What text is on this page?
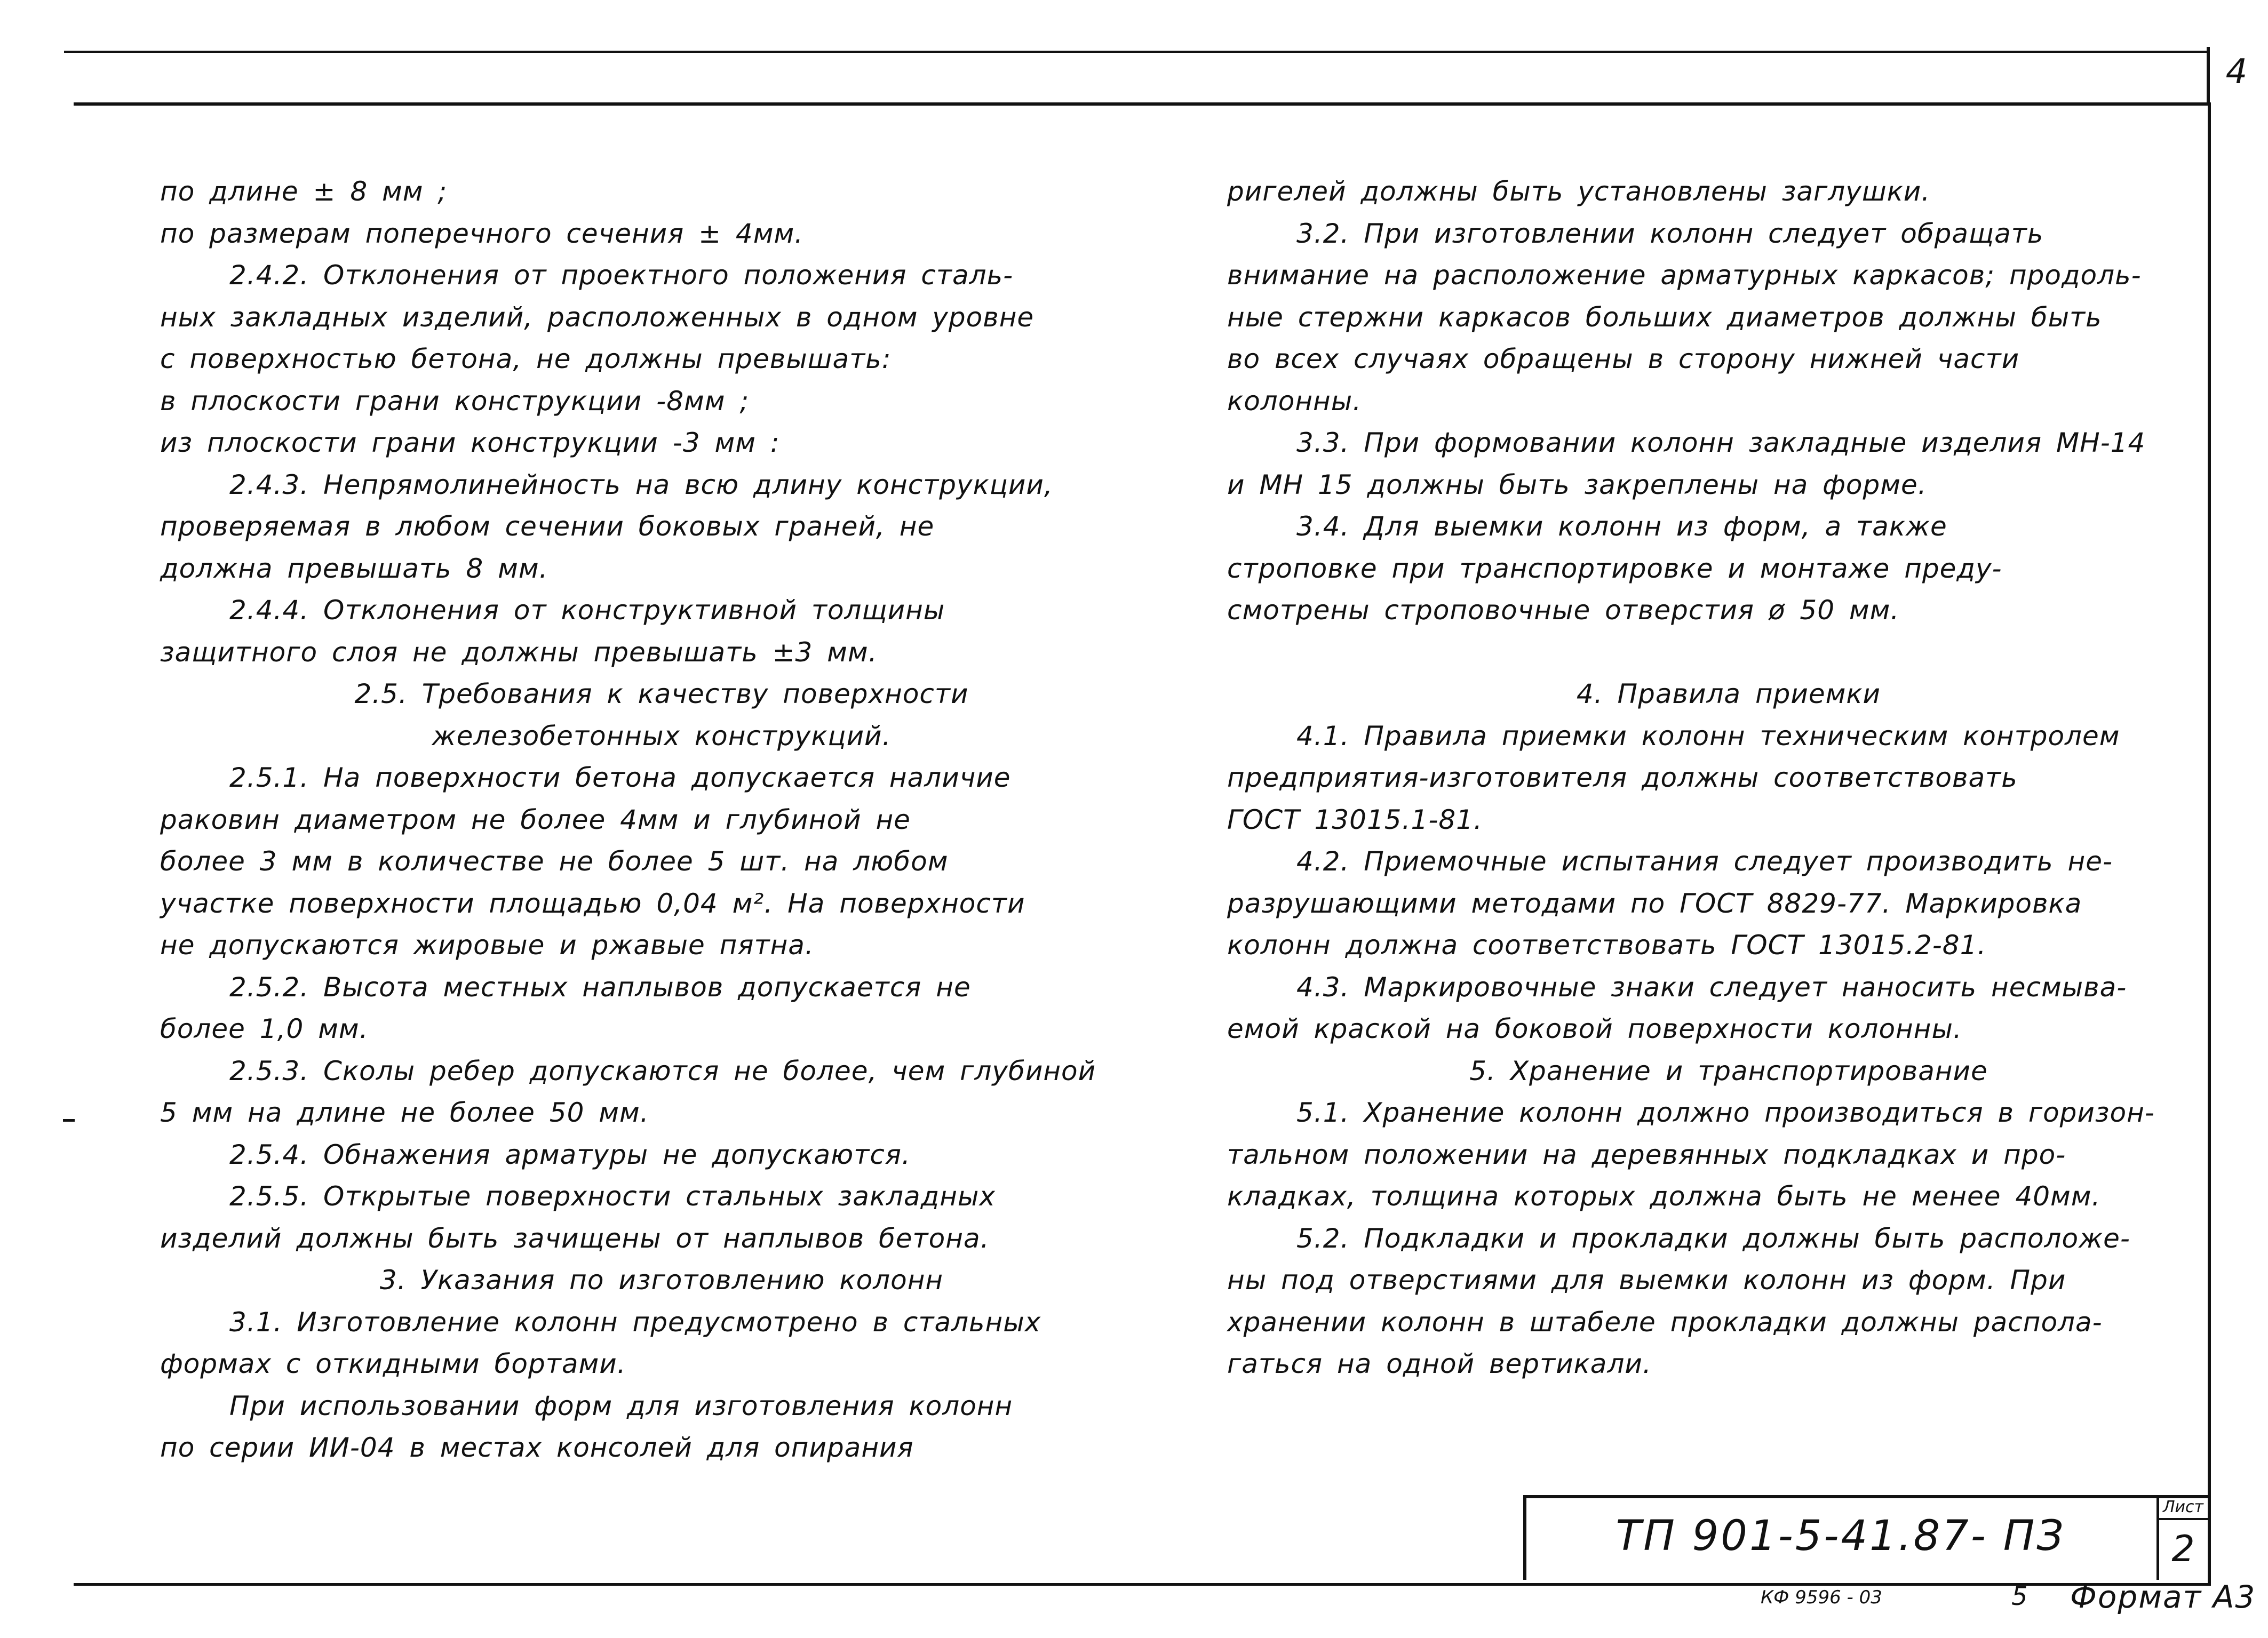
4
по длине ± 8 мм ;
по размерам поперечного сечения ± 4мм.
2.4.2. Отклонения от проектного положения сталь-
ных закладных изделий, расположенных в одном уровне
с поверхностью бетона, не должны превышать:
в плоскости грани конструкции -8мм ;
из плоскости грани конструкции -3 мм :
2.4.3. Непрямолинейность на всю длину конструкции,
проверяемая в любом сечении боковых граней, не
должна превышать 8 мм.
2.4.4. Отклонения от конструктивной толщины
защитного слоя не должны превышать ±3 мм.
2.5. Требования к качеству поверхности
железобетонных конструкций.
2.5.1. На поверхности бетона допускается наличие
раковин диаметром не более 4мм и глубиной не
более 3 мм в количестве не более 5 шт. на любом
участке поверхности площадью 0,04 м². На поверхности
не допускаются жировые и ржавые пятна.
2.5.2. Высота местных наплывов допускается не
более 1,0 мм.
2.5.3. Сколы ребер допускаются не более, чем глубиной
5 мм на длине не более 50 мм.
2.5.4. Обнажения арматуры не допускаются.
2.5.5. Открытые поверхности стальных закладных
изделий должны быть зачищены от наплывов бетона.
3. Указания по изготовлению колонн
3.1. Изготовление колонн предусмотрено в стальных
формах с откидными бортами.
При использовании форм для изготовления колонн
по серии ИИ-04 в местах консолей для опирания
ригелей должны быть установлены заглушки.
3.2. При изготовлении колонн следует обращать
внимание на расположение арматурных каркасов; продоль-
ные стержни каркасов больших диаметров должны быть
во всех случаях обращены в сторону нижней части
колонны.
3.3. При формовании колонн закладные изделия МН-14
и МН 15 должны быть закреплены на форме.
3.4. Для выемки колонн из форм, а также
строповке при транспортировке и монтаже преду-
смотрены строповочные отверстия ø 50 мм.
4. Правила приемки
4.1. Правила приемки колонн техническим контролем
предприятия-изготовителя должны соответствовать
ГОСТ 13015.1-81.
4.2. Приемочные испытания следует производить не-
разрушающими методами по ГОСТ 8829-77. Маркировка
колонн должна соответствовать ГОСТ 13015.2-81.
4.3. Маркировочные знаки следует наносить несмыва-
емой краской на боковой поверхности колонны.
5. Хранение и транспортирование
5.1. Хранение колонн должно производиться в горизон-
тальном положении на деревянных подкладках и про-
кладках, толщина которых должна быть не менее 40мм.
5.2. Подкладки и прокладки должны быть расположе-
ны под отверстиями для выемки колонн из форм. При
хранении колонн в штабеле прокладки должны распола-
гаться на одной вертикали.
ТП 901-5-41.87- ПЗ
Лист
2
КФ 9596 - 03	5 Формат А3
